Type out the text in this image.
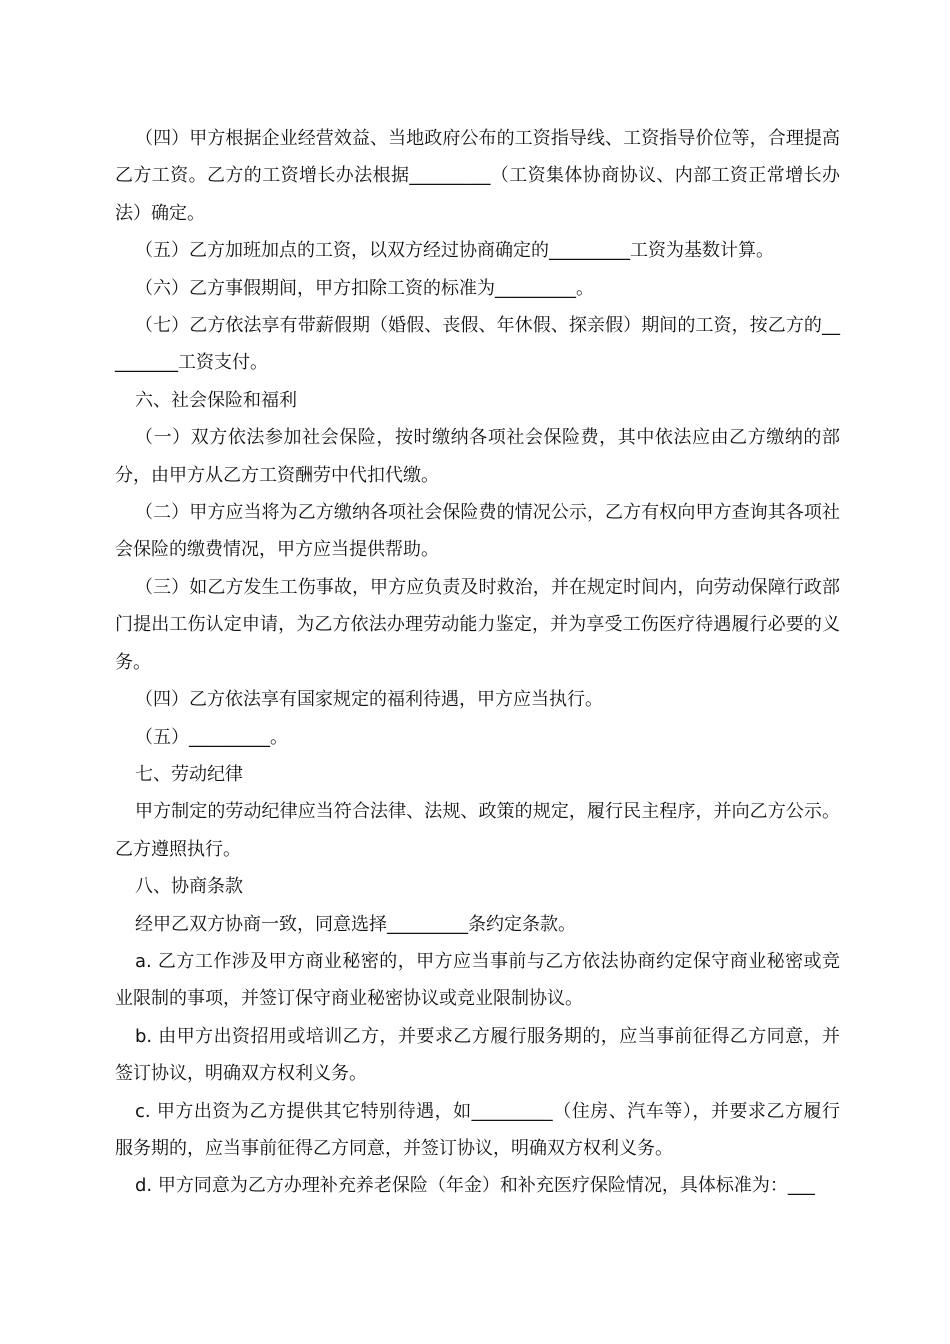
（四）甲方根据企业经营效益、当地政府公布的工资指导线、工资指导价位等，合理提高乙方工资。乙方的工资增长办法根据_________（工资集体协商协议、内部工资正常增长办法）确定。

（五）乙方加班加点的工资，以双方经过协商确定的_________工资为基数计算。

（六）乙方事假期间，甲方扣除工资的标准为_________。

（七）乙方依法享有带薪假期（婚假、丧假、年休假、探亲假）期间的工资，按乙方的_________工资支付。

六、社会保险和福利

（一）双方依法参加社会保险，按时缴纳各项社会保险费，其中依法应由乙方缴纳的部分，由甲方从乙方工资酬劳中代扣代缴。

（二）甲方应当将为乙方缴纳各项社会保险费的情况公示，乙方有权向甲方查询其各项社会保险的缴费情况，甲方应当提供帮助。

（三）如乙方发生工伤事故，甲方应负责及时救治，并在规定时间内，向劳动保障行政部门提出工伤认定申请，为乙方依法办理劳动能力鉴定，并为享受工伤医疗待遇履行必要的义务。

（四）乙方依法享有国家规定的福利待遇，甲方应当执行。

（五）_________。

七、劳动纪律

甲方制定的劳动纪律应当符合法律、法规、政策的规定，履行民主程序，并向乙方公示。乙方遵照执行。

八、协商条款

经甲乙双方协商一致，同意选择_________条约定条款。

a. 乙方工作涉及甲方商业秘密的，甲方应当事前与乙方依法协商约定保守商业秘密或竞业限制的事项，并签订保守商业秘密协议或竞业限制协议。

b. 由甲方出资招用或培训乙方，并要求乙方履行服务期的，应当事前征得乙方同意，并签订协议，明确双方权利义务。

c. 甲方出资为乙方提供其它特别待遇，如_________（住房、汽车等），并要求乙方履行服务期的，应当事前征得乙方同意，并签订协议，明确双方权利义务。

d. 甲方同意为乙方办理补充养老保险（年金）和补充医疗保险情况，具体标准为：___
